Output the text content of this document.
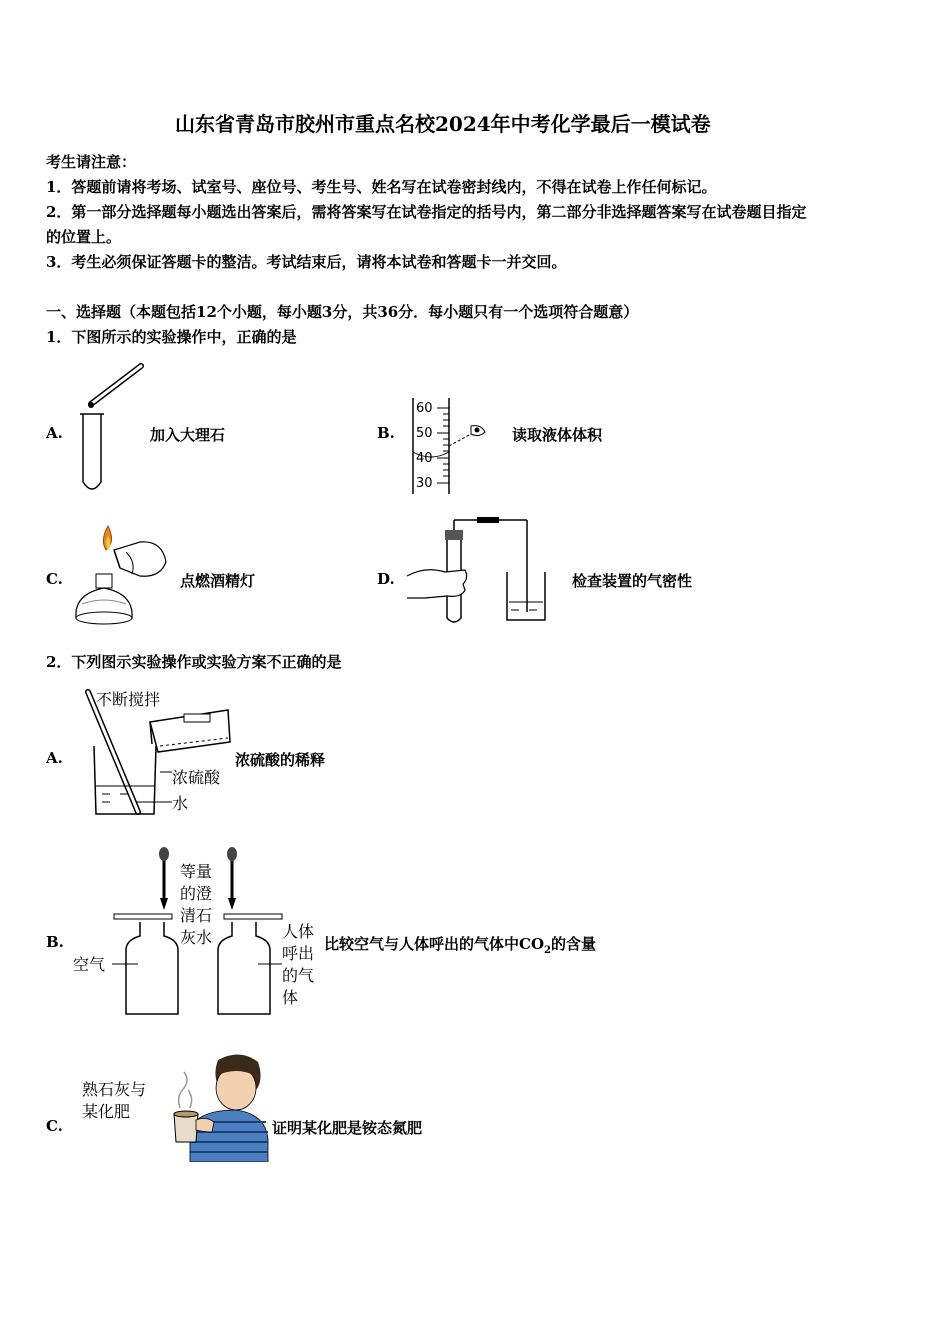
山东省青岛市胶州市重点名校2024年中考化学最后一模试卷
考生请注意：
1．答题前请将考场、试室号、座位号、考生号、姓名写在试卷密封线内，不得在试卷上作任何标记。
2．第一部分选择题每小题选出答案后，需将答案写在试卷指定的括号内，第二部分非选择题答案写在试卷题目指定
的位置上。
3．考生必须保证答题卡的整洁。考试结束后，请将本试卷和答题卡一并交回。
一、选择题（本题包括12个小题，每小题3分，共36分．每小题只有一个选项符合题意）
1．下图所示的实验操作中，正确的是
A.	加入大理石	B.
60
50
40
30
读取液体体积
C.	点燃酒精灯	D.	检查装置的气密性
2．下列图示实验操作或实验方案不正确的是
A.
不断搅拌
浓硫酸
水
浓硫酸的稀释
B.
等量
的澄
清石
灰水
空气
人体
呼出
的气
体
比较空气与人体呼出的气体中$CO_2$的含量
C.
熟石灰与
某化肥
证明某化肥是铵态氮肥
